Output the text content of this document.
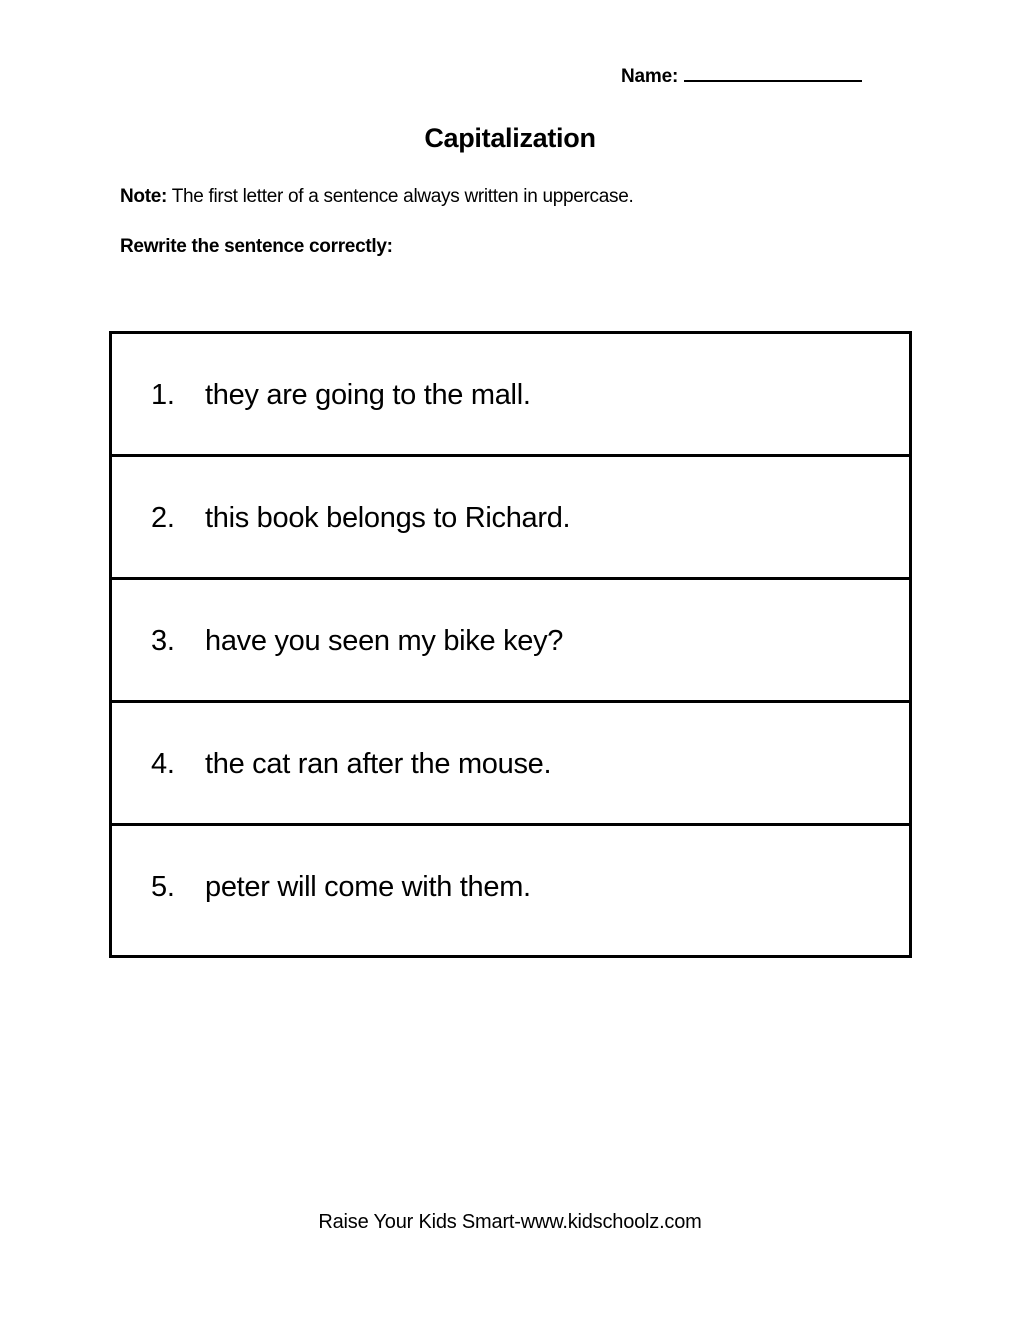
Name:
Capitalization
Note: The first letter of a sentence always written in uppercase.
Rewrite the sentence correctly:
1. they are going to the mall.
2. this book belongs to Richard.
3. have you seen my bike key?
4. the cat ran after the mouse.
5. peter will come with them.
Raise Your Kids Smart-www.kidschoolz.com
